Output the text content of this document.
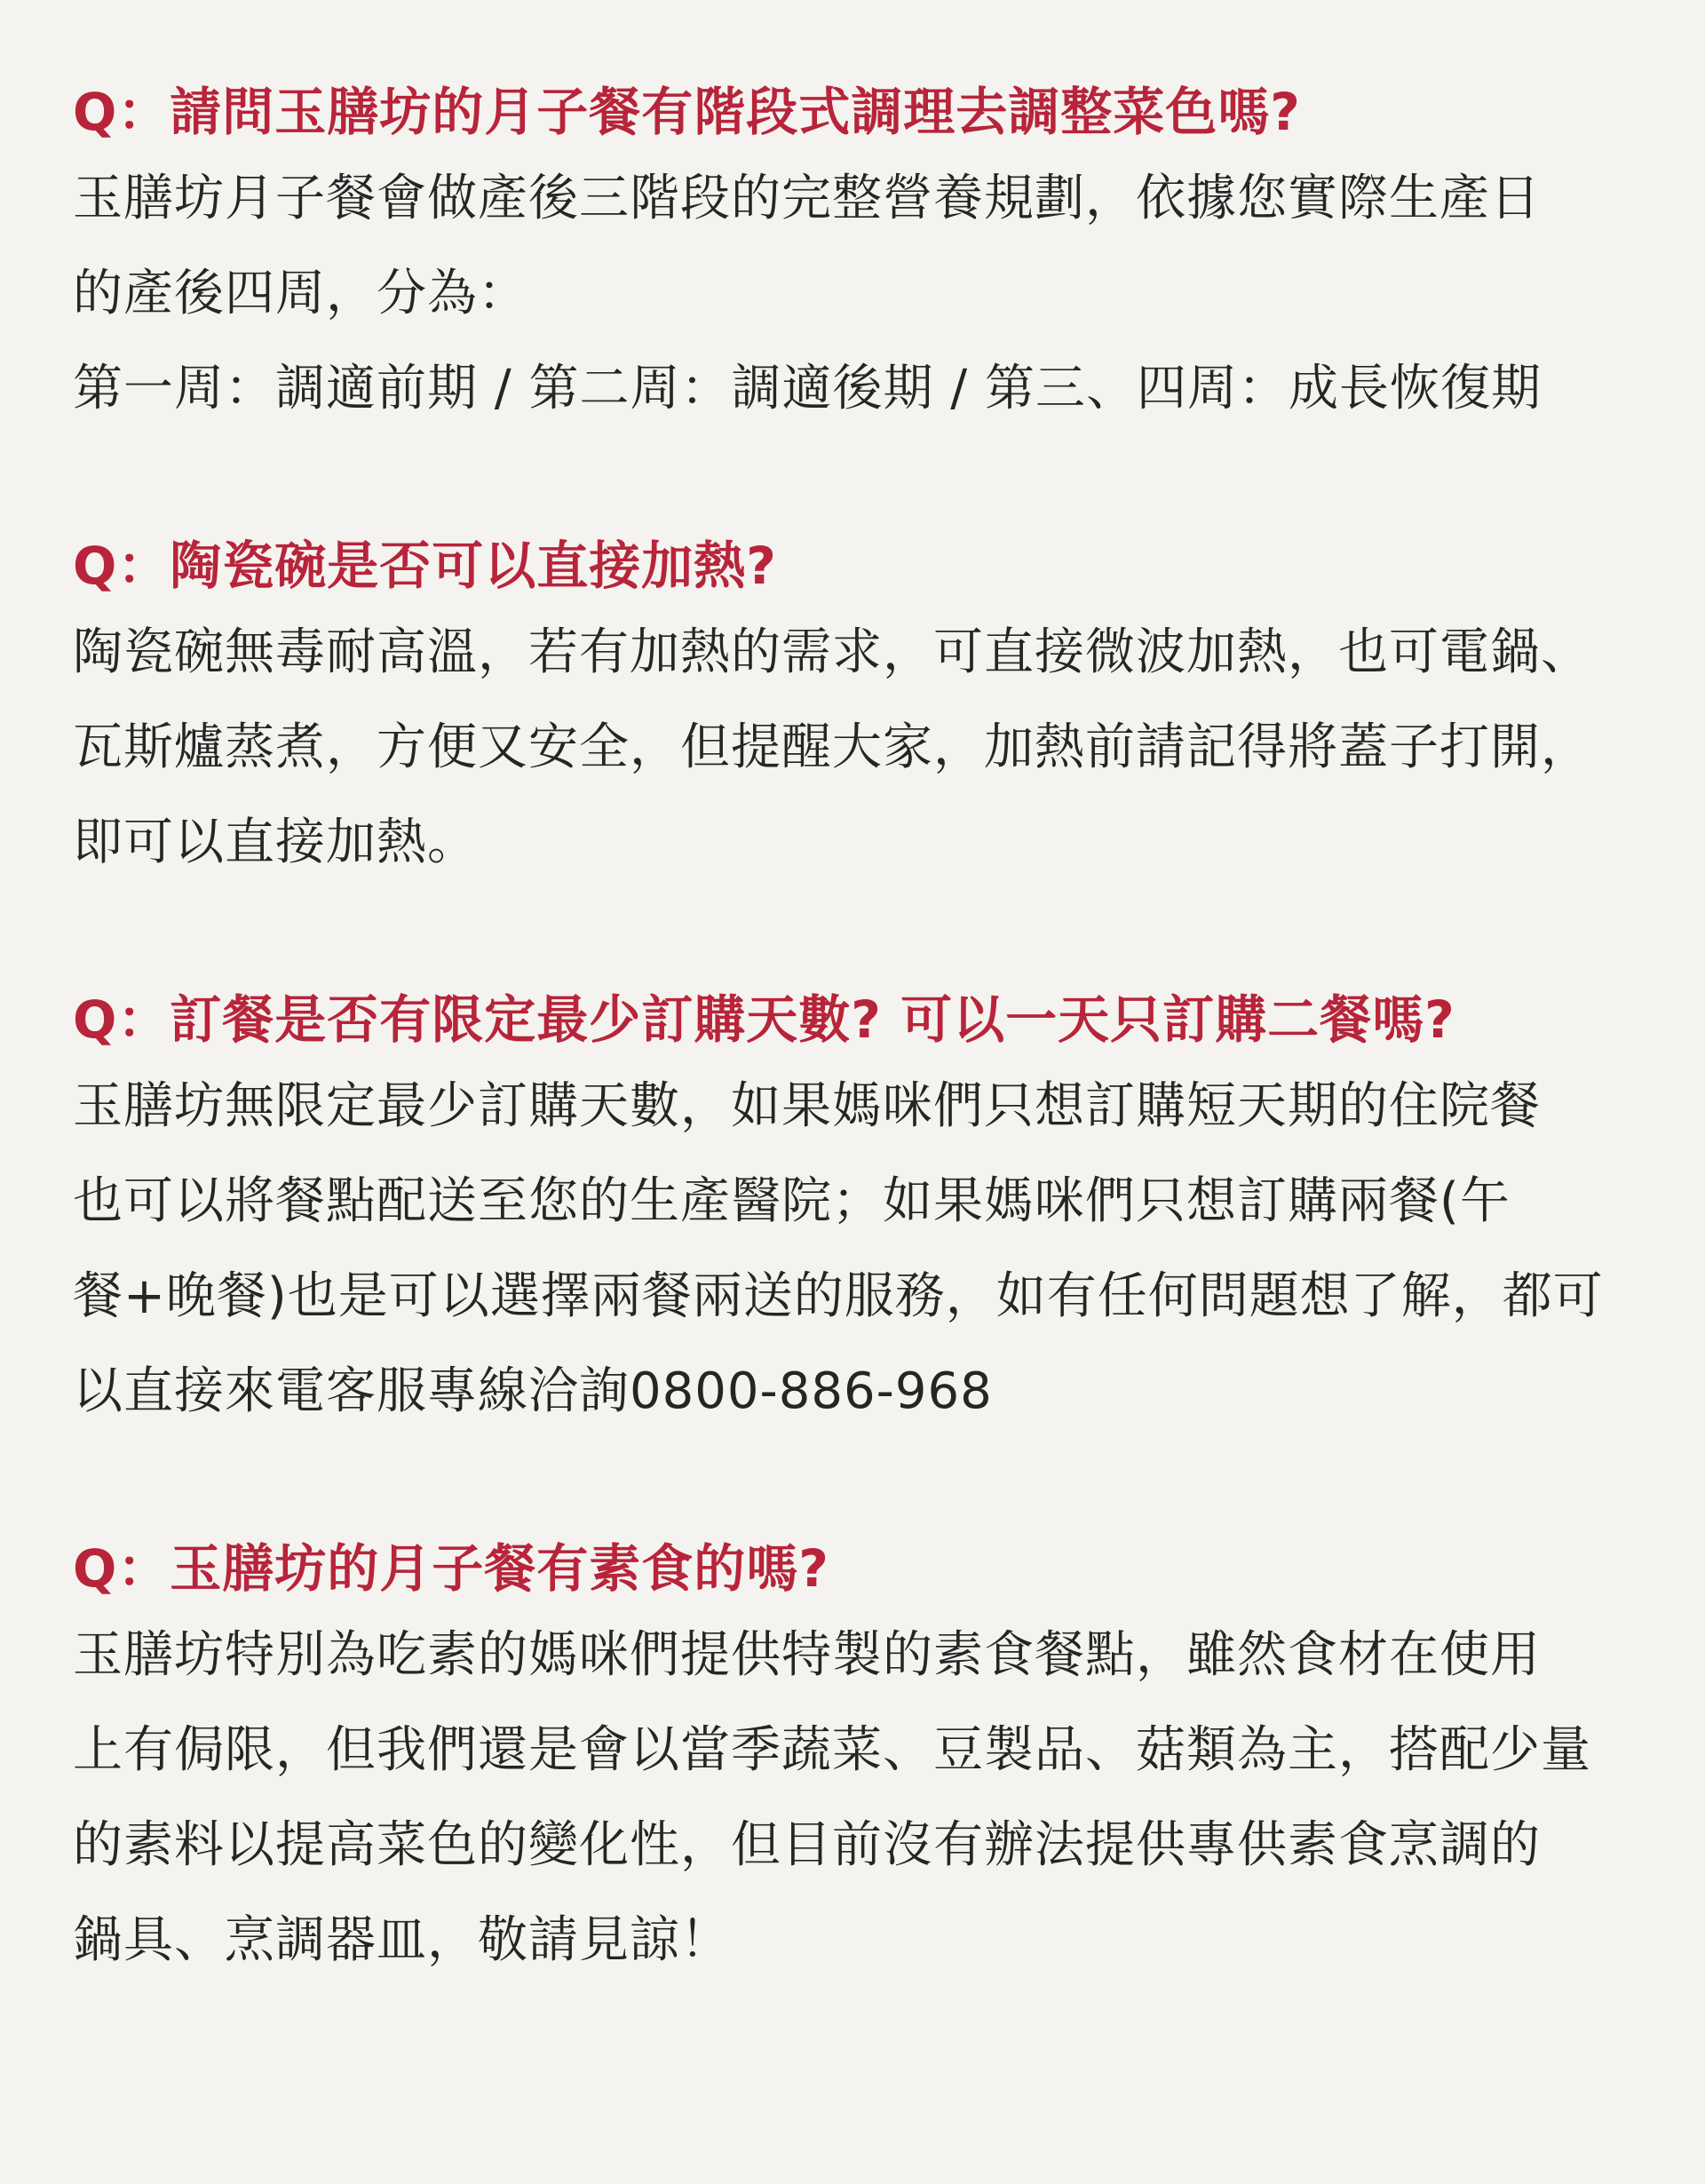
Q：請問玉膳坊的月子餐有階段式調理去調整菜色嗎?

玉膳坊月子餐會做產後三階段的完整營養規劃，依據您實際生產日

的產後四周，分為：

第一周：調適前期 / 第二周：調適後期 / 第三、四周：成長恢復期

Q：陶瓷碗是否可以直接加熱?

陶瓷碗無毒耐高溫，若有加熱的需求，可直接微波加熱，也可電鍋、

瓦斯爐蒸煮，方便又安全，但提醒大家，加熱前請記得將蓋子打開，

即可以直接加熱。

Q：訂餐是否有限定最少訂購天數? 可以一天只訂購二餐嗎?

玉膳坊無限定最少訂購天數，如果媽咪們只想訂購短天期的住院餐

也可以將餐點配送至您的生產醫院；如果媽咪們只想訂購兩餐(午

餐+晚餐)也是可以選擇兩餐兩送的服務，如有任何問題想了解，都可

以直接來電客服專線洽詢0800-886-968

Q：玉膳坊的月子餐有素食的嗎?

玉膳坊特別為吃素的媽咪們提供特製的素食餐點，雖然食材在使用

上有侷限，但我們還是會以當季蔬菜、豆製品、菇類為主，搭配少量

的素料以提高菜色的變化性，但目前沒有辦法提供專供素食烹調的

鍋具、烹調器皿，敬請見諒！
